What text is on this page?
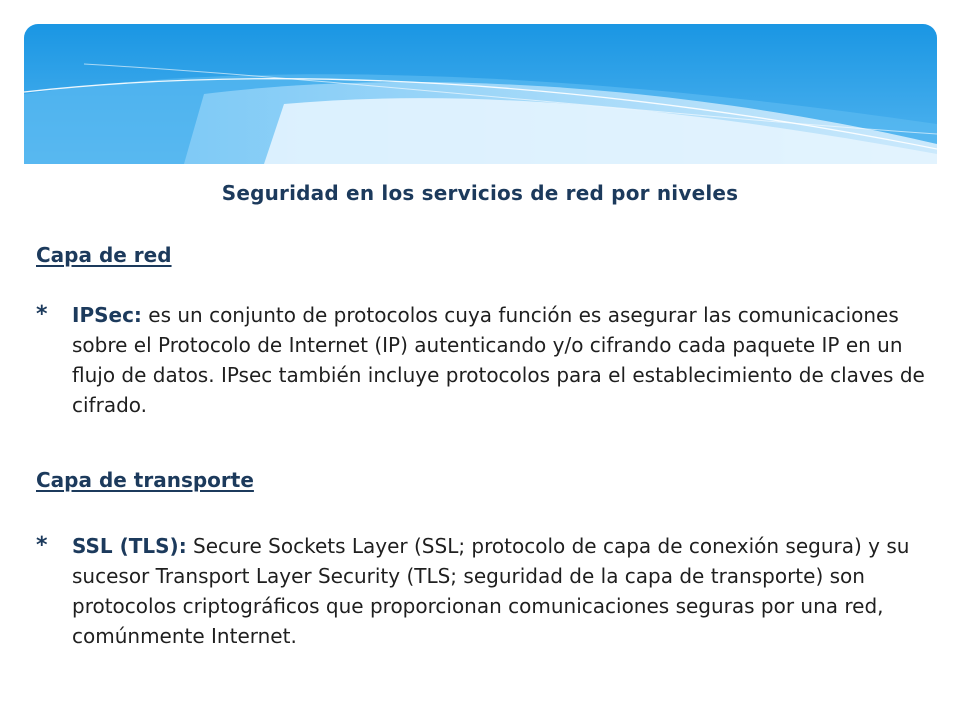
Seguridad en los servicios de red por niveles
Capa de red
* IPSec: es un conjunto de protocolos cuya función es asegurar las comunicaciones sobre el Protocolo de Internet (IP) autenticando y/o cifrando cada paquete IP en un flujo de datos. IPsec también incluye protocolos para el establecimiento de claves de cifrado.
Capa de transporte
* SSL (TLS): Secure Sockets Layer (SSL; protocolo de capa de conexión segura) y su sucesor Transport Layer Security (TLS; seguridad de la capa de transporte) son protocolos criptográficos que proporcionan comunicaciones seguras por una red, comúnmente Internet.
